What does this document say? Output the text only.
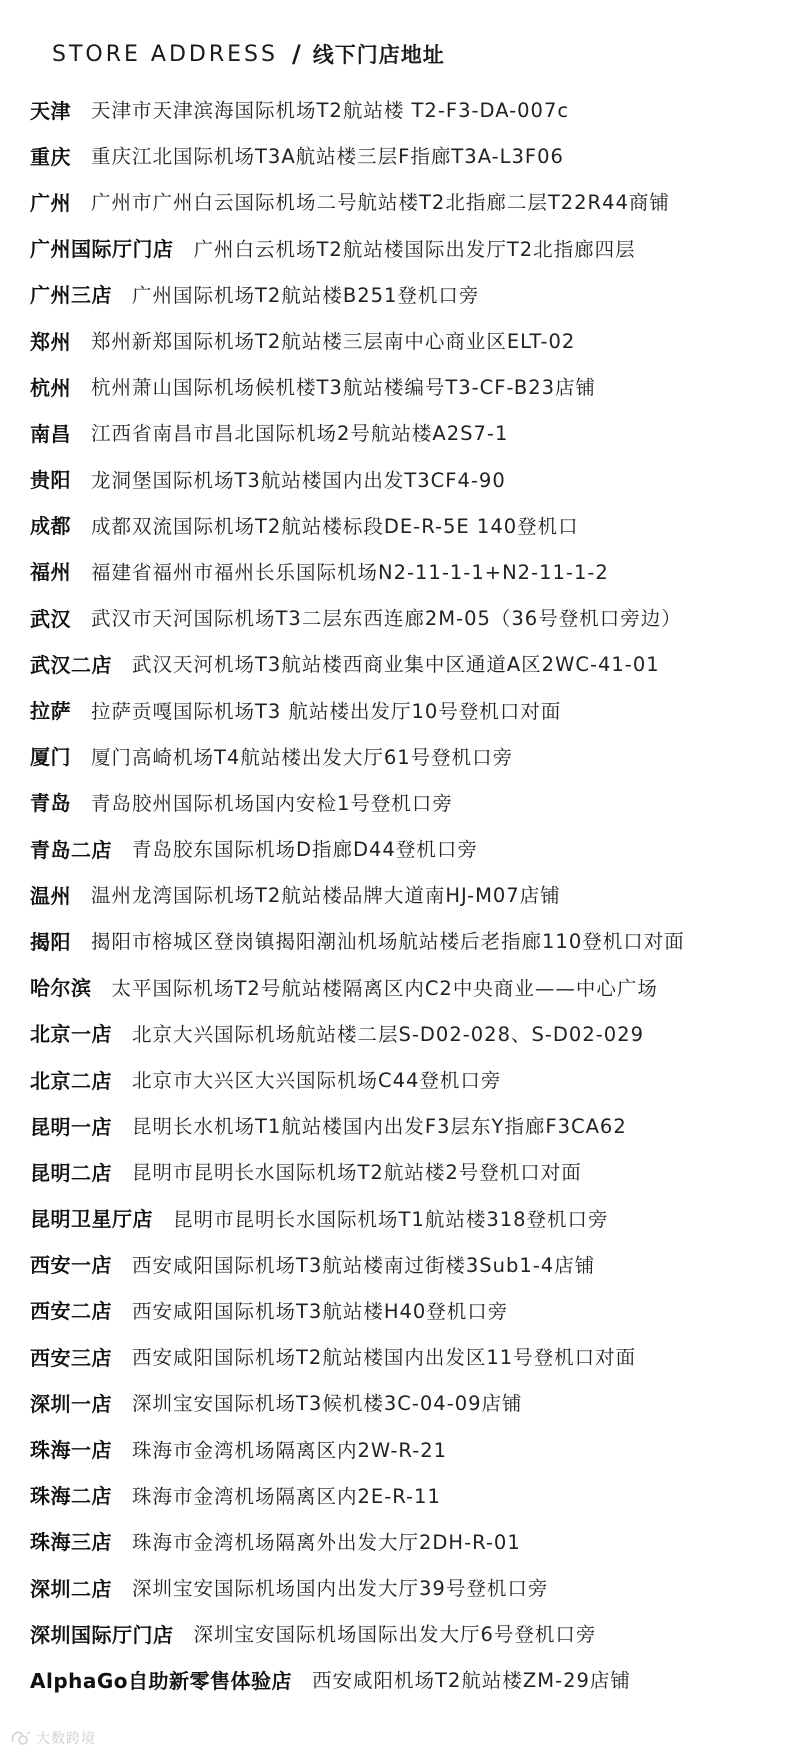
STORE ADDRESS / 线下门店地址
天津 天津市天津滨海国际机场T2航站楼 T2-F3-DA-007c
重庆 重庆江北国际机场T3A航站楼三层F指廊T3A-L3F06
广州 广州市广州白云国际机场二号航站楼T2北指廊二层T22R44商铺
广州国际厅门店 广州白云机场T2航站楼国际出发厅T2北指廊四层
广州三店 广州国际机场T2航站楼B251登机口旁
郑州 郑州新郑国际机场T2航站楼三层南中心商业区ELT-02
杭州 杭州萧山国际机场候机楼T3航站楼编号T3-CF-B23店铺
南昌 江西省南昌市昌北国际机场2号航站楼A2S7-1
贵阳 龙洞堡国际机场T3航站楼国内出发T3CF4-90
成都 成都双流国际机场T2航站楼标段DE-R-5E 140登机口
福州 福建省福州市福州长乐国际机场N2-11-1-1+N2-11-1-2
武汉 武汉市天河国际机场T3二层东西连廊2M-05（36号登机口旁边）
武汉二店 武汉天河机场T3航站楼西商业集中区通道A区2WC-41-01
拉萨 拉萨贡嘎国际机场T3 航站楼出发厅10号登机口对面
厦门 厦门高崎机场T4航站楼出发大厅61号登机口旁
青岛 青岛胶州国际机场国内安检1号登机口旁
青岛二店 青岛胶东国际机场D指廊D44登机口旁
温州 温州龙湾国际机场T2航站楼品牌大道南HJ-M07店铺
揭阳 揭阳市榕城区登岗镇揭阳潮汕机场航站楼后老指廊110登机口对面
哈尔滨 太平国际机场T2号航站楼隔离区内C2中央商业——中心广场
北京一店 北京大兴国际机场航站楼二层S-D02-028、S-D02-029
北京二店 北京市大兴区大兴国际机场C44登机口旁
昆明一店 昆明长水机场T1航站楼国内出发F3层东Y指廊F3CA62
昆明二店 昆明市昆明长水国际机场T2航站楼2号登机口对面
昆明卫星厅店 昆明市昆明长水国际机场T1航站楼318登机口旁
西安一店 西安咸阳国际机场T3航站楼南过街楼3Sub1-4店铺
西安二店 西安咸阳国际机场T3航站楼H40登机口旁
西安三店 西安咸阳国际机场T2航站楼国内出发区11号登机口对面
深圳一店 深圳宝安国际机场T3候机楼3C-04-09店铺
珠海一店 珠海市金湾机场隔离区内2W-R-21
珠海二店 珠海市金湾机场隔离区内2E-R-11
珠海三店 珠海市金湾机场隔离外出发大厅2DH-R-01
深圳二店 深圳宝安国际机场国内出发大厅39号登机口旁
深圳国际厅门店 深圳宝安国际机场国际出发大厅6号登机口旁
AlphaGo自助新零售体验店 西安咸阳机场T2航站楼ZM-29店铺
大数跨境
